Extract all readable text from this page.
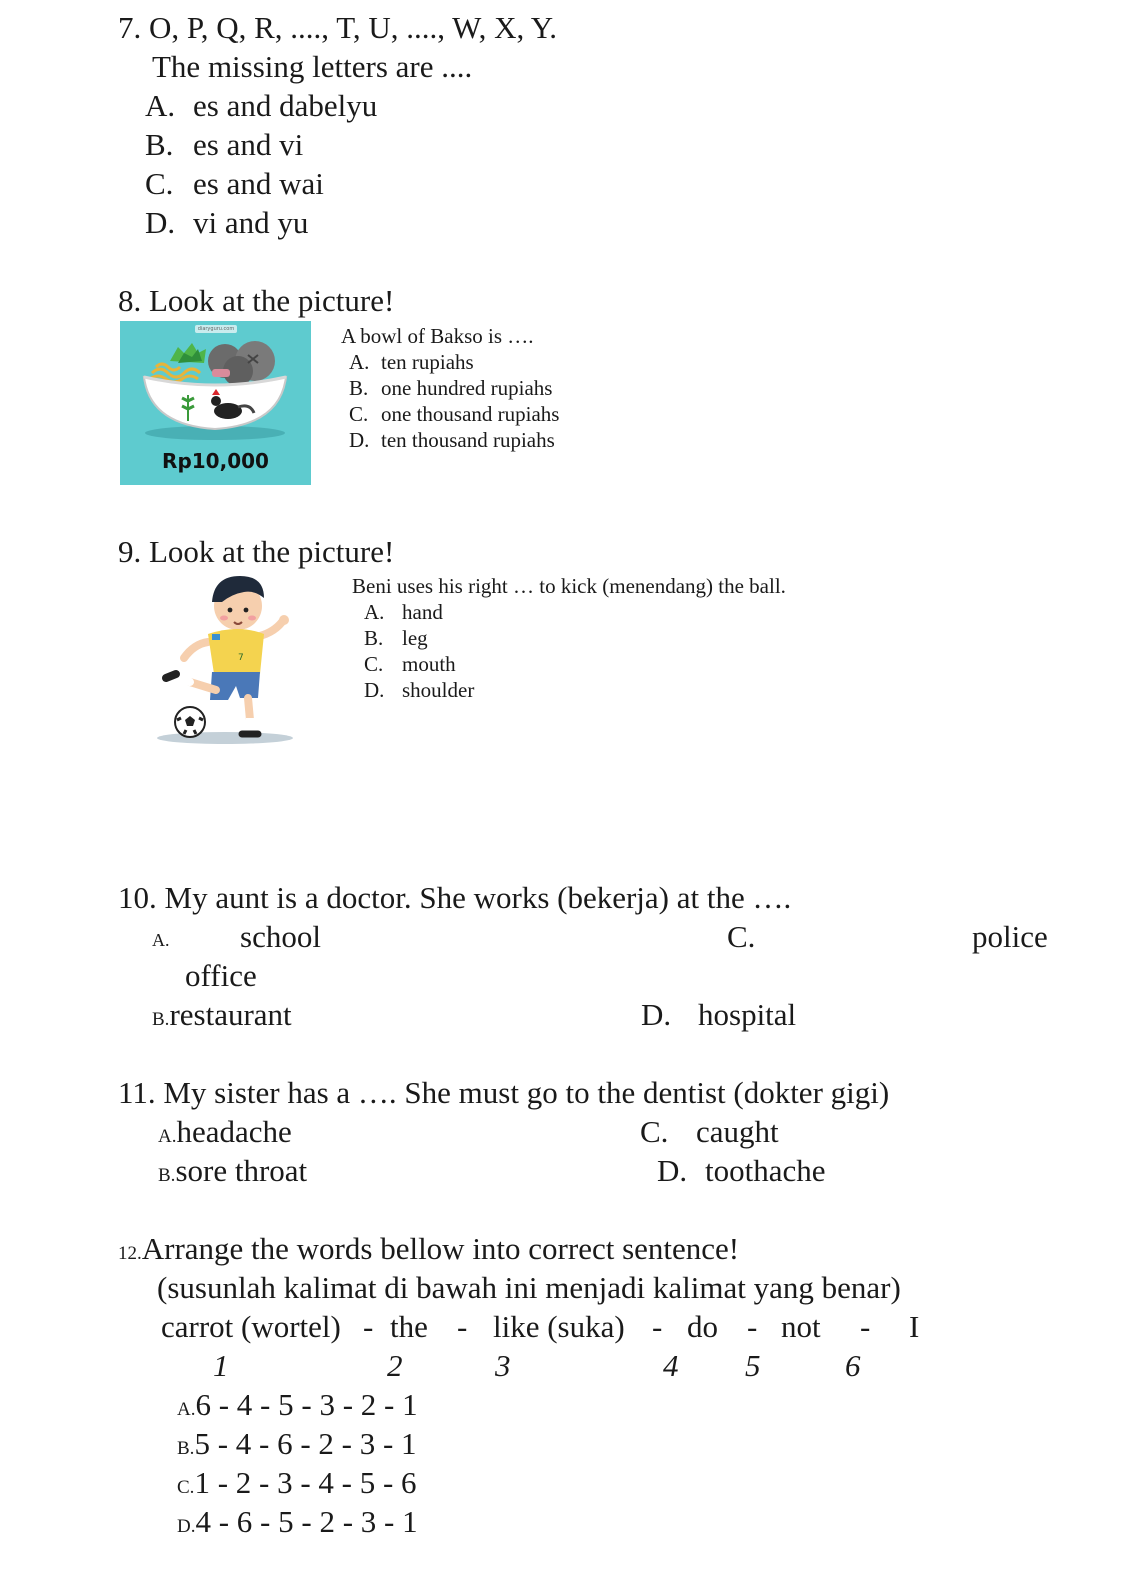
7. O, P, Q, R, ...., T, U, ...., W, X, Y.
The missing letters are ....
A. es and dabelyu
B. es and vi
C. es and wai
D. vi and yu
8. Look at the picture!
diaryguru.com
Rp10,000
A bowl of Bakso is ….
A. ten rupiahs
B. one hundred rupiahs
C. one thousand rupiahs
D. ten thousand rupiahs
9. Look at the picture!
7
Beni uses his right … to kick (menendang) the ball.
A. hand
B. leg
C. mouth
D. shoulder
10. My aunt is a doctor. She works (bekerja) at the ….
A. school	C.	police
office
B.restaurant	D. hospital
11. My sister has a …. She must go to the dentist (dokter gigi)
A.headache	C. caught
B.sore throat	D. toothache
12.Arrange the words bellow into correct sentence!
(susunlah kalimat di bawah ini menjadi kalimat yang benar)
carrot (wortel) - the - like (suka) - do - not - I
1	2	3	4 5	6
A.6 - 4 - 5 - 3 - 2 - 1
B.5 - 4 - 6 - 2 - 3 - 1
C.1 - 2 - 3 - 4 - 5 - 6
D.4 - 6 - 5 - 2 - 3 - 1
